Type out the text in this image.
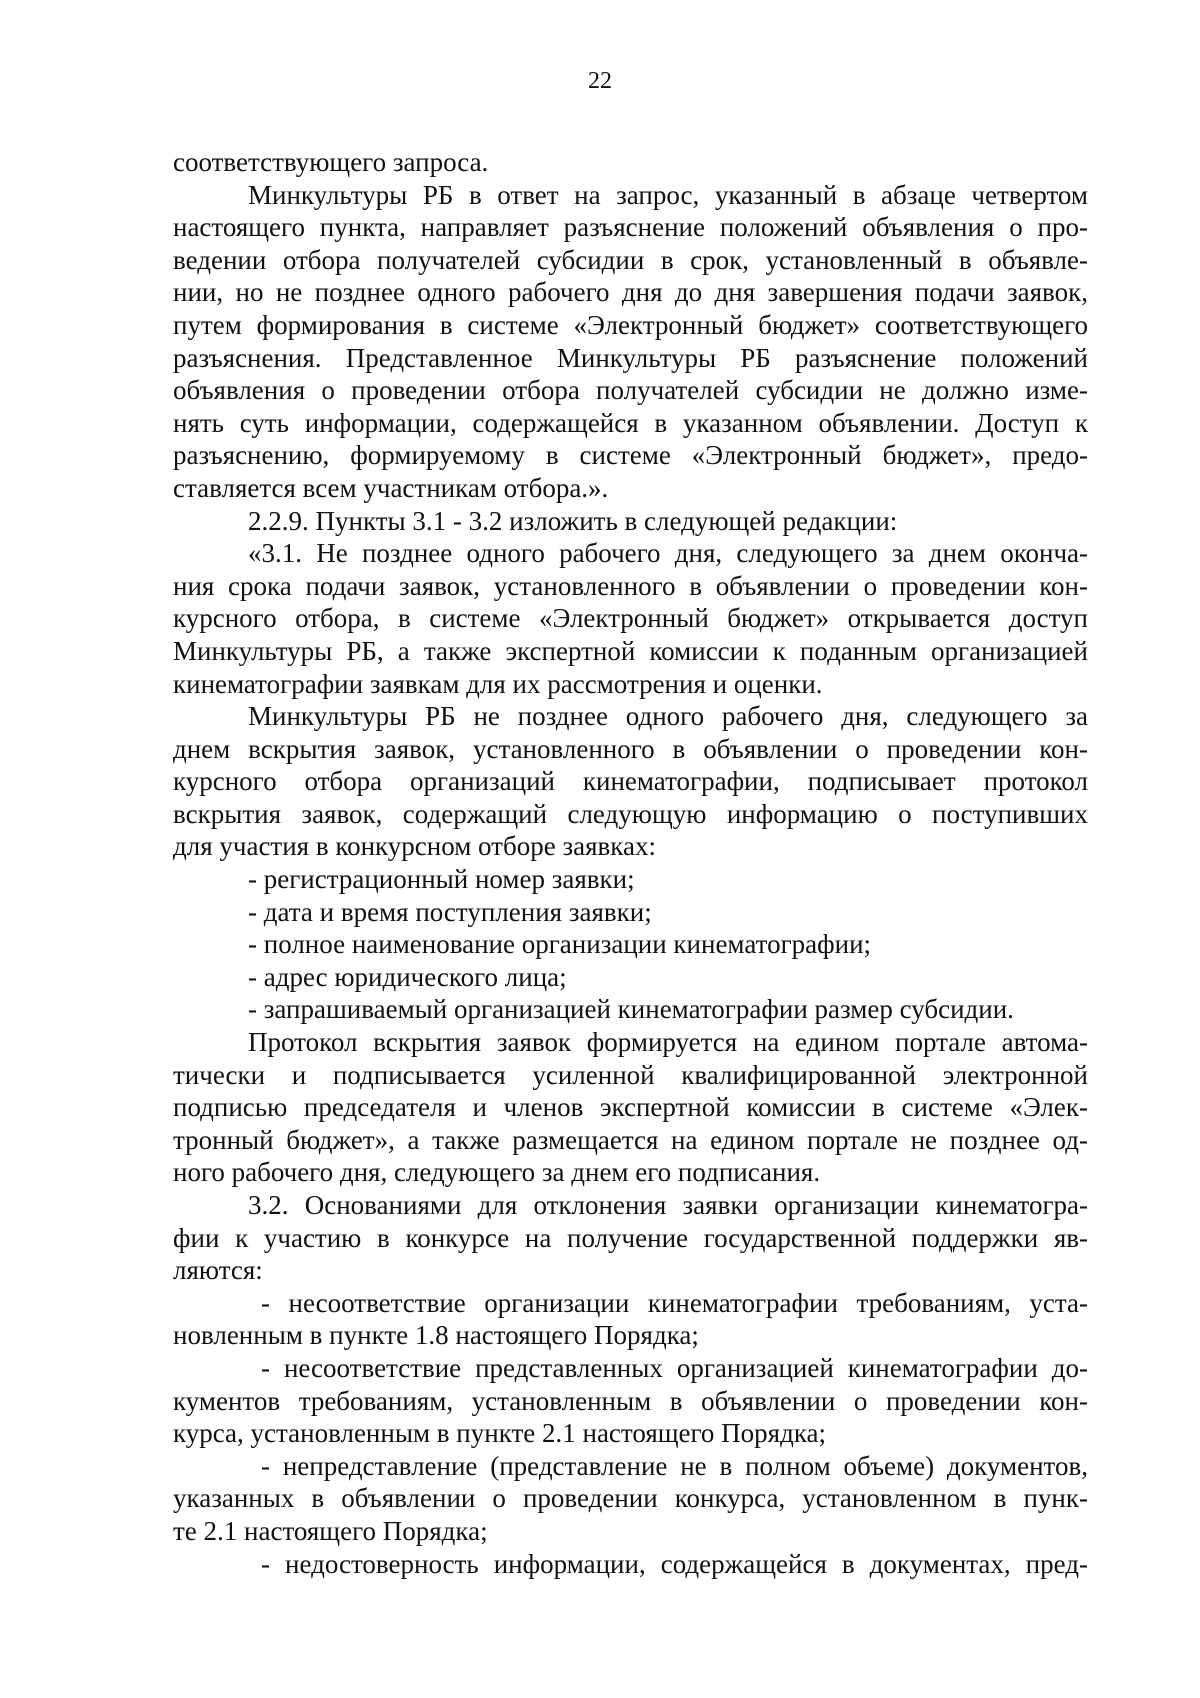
22
соответствующего запроса.
Минкультуры РБ в ответ на запрос, указанный в абзаце четвертом
настоящего пункта, направляет разъяснение положений объявления о про-
ведении отбора получателей субсидии в срок, установленный в объявле-
нии, но не позднее одного рабочего дня до дня завершения подачи заявок,
путем формирования в системе «Электронный бюджет» соответствующего
разъяснения. Представленное Минкультуры РБ разъяснение положений
объявления о проведении отбора получателей субсидии не должно изме-
нять суть информации, содержащейся в указанном объявлении. Доступ к
разъяснению, формируемому в системе «Электронный бюджет», предо-
ставляется всем участникам отбора.».
2.2.9. Пункты 3.1 - 3.2 изложить в следующей редакции:
«3.1. Не позднее одного рабочего дня, следующего за днем оконча-
ния срока подачи заявок, установленного в объявлении о проведении кон-
курсного отбора, в системе «Электронный бюджет» открывается доступ
Минкультуры РБ, а также экспертной комиссии к поданным организацией
кинематографии заявкам для их рассмотрения и оценки.
Минкультуры РБ не позднее одного рабочего дня, следующего за
днем вскрытия заявок, установленного в объявлении о проведении кон-
курсного отбора организаций кинематографии, подписывает протокол
вскрытия заявок, содержащий следующую информацию о поступивших
для участия в конкурсном отборе заявках:
- регистрационный номер заявки;
- дата и время поступления заявки;
- полное наименование организации кинематографии;
- адрес юридического лица;
- запрашиваемый организацией кинематографии размер субсидии.
Протокол вскрытия заявок формируется на едином портале автома-
тически и подписывается усиленной квалифицированной электронной
подписью председателя и членов экспертной комиссии в системе «Элек-
тронный бюджет», а также размещается на едином портале не позднее од-
ного рабочего дня, следующего за днем его подписания.
3.2. Основаниями для отклонения заявки организации кинематогра-
фии к участию в конкурсе на получение государственной поддержки яв-
ляются:
- несоответствие организации кинематографии требованиям, уста-
новленным в пункте 1.8 настоящего Порядка;
- несоответствие представленных организацией кинематографии до-
кументов требованиям, установленным в объявлении о проведении кон-
курса, установленным в пункте 2.1 настоящего Порядка;
- непредставление (представление не в полном объеме) документов,
указанных в объявлении о проведении конкурса, установленном в пунк-
те 2.1 настоящего Порядка;
- недостоверность информации, содержащейся в документах, пред-
